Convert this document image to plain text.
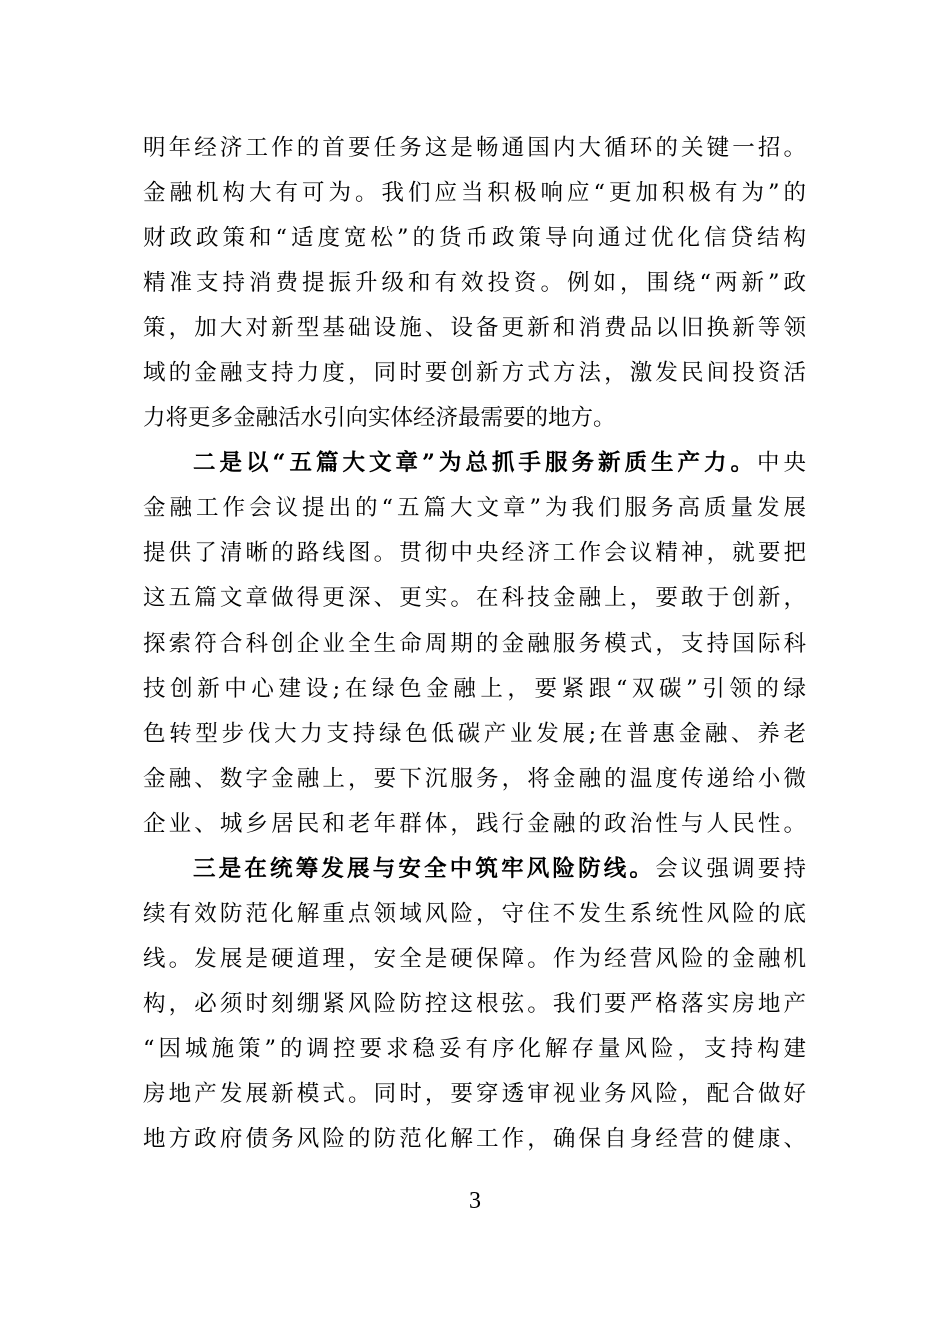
明年经济工作的首要任务这是畅通国内大循环的关键一招。
金融机构大有可为。我们应当积极响应“更加积极有为”的
财政政策和“适度宽松”的货币政策导向通过优化信贷结构
精准支持消费提振升级和有效投资。例如，围绕“两新”政
策，加大对新型基础设施、设备更新和消费品以旧换新等领
域的金融支持力度，同时要创新方式方法，激发民间投资活
力将更多金融活水引向实体经济最需要的地方。
二是以“五篇大文章”为总抓手服务新质生产力。中央
金融工作会议提出的“五篇大文章”为我们服务高质量发展
提供了清晰的路线图。贯彻中央经济工作会议精神，就要把
这五篇文章做得更深、更实。在科技金融上，要敢于创新，
探索符合科创企业全生命周期的金融服务模式，支持国际科
技创新中心建设;在绿色金融上，要紧跟“双碳”引领的绿
色转型步伐大力支持绿色低碳产业发展;在普惠金融、养老
金融、数字金融上，要下沉服务，将金融的温度传递给小微
企业、城乡居民和老年群体，践行金融的政治性与人民性。
三是在统筹发展与安全中筑牢风险防线。会议强调要持
续有效防范化解重点领域风险，守住不发生系统性风险的底
线。发展是硬道理，安全是硬保障。作为经营风险的金融机
构，必须时刻绷紧风险防控这根弦。我们要严格落实房地产
“因城施策”的调控要求稳妥有序化解存量风险，支持构建
房地产发展新模式。同时，要穿透审视业务风险，配合做好
地方政府债务风险的防范化解工作，确保自身经营的健康、
3
